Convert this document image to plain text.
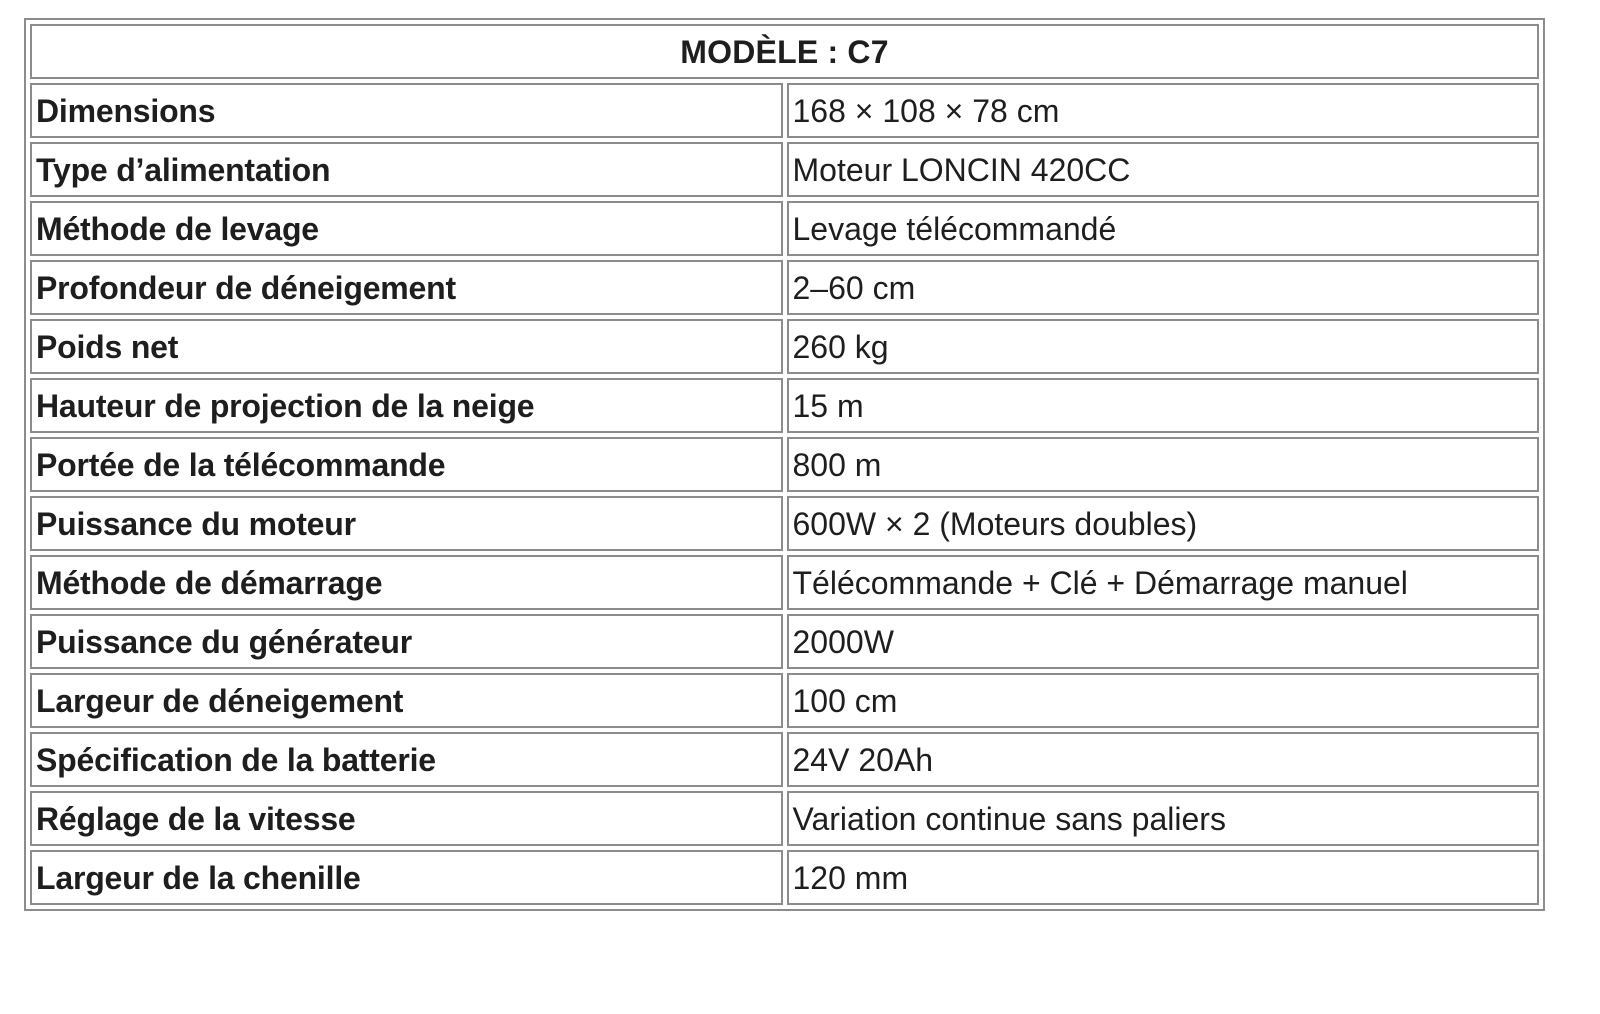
MODÈLE : C7	
Dimensions	168 × 108 × 78 cm
Type d’alimentation	Moteur LONCIN 420CC
Méthode de levage	Levage télécommandé
Profondeur de déneigement	2–60 cm
Poids net	260 kg
Hauteur de projection de la neige	15 m
Portée de la télécommande	800 m
Puissance du moteur	600W × 2 (Moteurs doubles)
Méthode de démarrage	Télécommande + Clé + Démarrage manuel
Puissance du générateur	2000W
Largeur de déneigement	100 cm
Spécification de la batterie	24V 20Ah
Réglage de la vitesse	Variation continue sans paliers
Largeur de la chenille	120 mm
